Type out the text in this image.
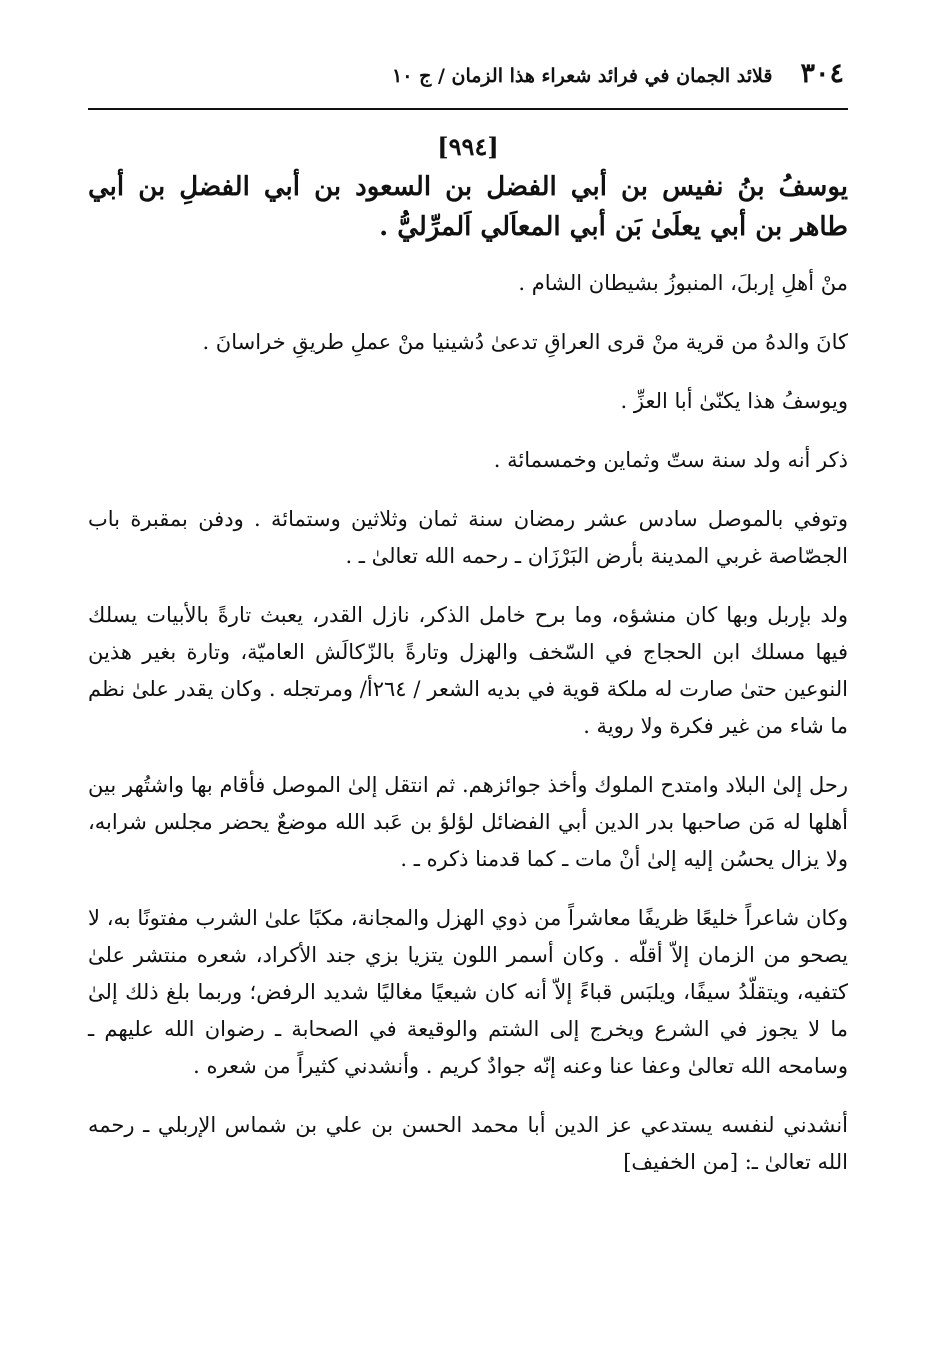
٣٠٤
قلائد الجمان في فرائد شعراء هذا الزمان / ج ١٠
[٩٩٤]
يوسفُ بنُ نفيس بن أبي الفضل بن السعود بن أبي الفضلِ بن أبي طاهر بن أبي يعلَىٰ بَن أبي المعاَلي اَلمرِّليُّ .

منْ أهلِ إربلَ، المنبوزُ بشيطان الشام .

كانَ والدهُ من قرية منْ قرى العراقِ تدعىٰ دُشينيا منْ عملِ طريقِ خراسانَ .

ويوسفُ هذا يكنّىٰ أبا العزِّ .

ذكر أنه ولد سنة ستّ وثماين وخمسمائة .

وتوفي بالموصل سادس عشر رمضان سنة ثمان وثلاثين وستمائة . ودفن بمقبرة باب الجصّاصة غربي المدينة بأرض البَرْزَان ـ رحمه الله تعالىٰ ـ .

ولد بإربل وبها كان منشؤه، وما برح خامل الذكر، نازل القدر، يعبث تارةً بالأبيات يسلك فيها مسلك ابن الحجاج في السّخف والهزل وتارةً بالزّكالَش العاميّة، وتارة بغير هذين النوعين حتىٰ صارت له ملكة قوية في بديه الشعر / ٢٦٤أ/ ومرتجله . وكان يقدر علىٰ نظم ما شاء من غير فكرة ولا روية .

رحل إلىٰ البلاد وامتدح الملوك وأخذ جوائزهم. ثم انتقل إلىٰ الموصل فأقام بها واشتُهر بين أهلها له مَن صاحبها بدر الدين أبي الفضائل لؤلؤ بن عَبد الله موضعٌ يحضر مجلس شرابه، ولا يزال يحسُن إليه إلىٰ أنْ مات ـ كما قدمنا ذكره ـ .

وكان شاعراً خليعًا ظريفًا معاشراً من ذوي الهزل والمجانة، مكبًا علىٰ الشرب مفتونًا به، لا يصحو من الزمان إلاّ أقلّه . وكان أسمر اللون يتزيا بزي جند الأكراد، شعره منتشر علىٰ كتفيه، ويتقلّدُ سيفًا، ويلبَس قباءً إلاّ أنه كان شيعيًا مغاليًا شديد الرفض؛ وربما بلغ ذلك إلىٰ ما لا يجوز في الشرع ويخرج إلى الشتم والوقيعة في الصحابة ـ رضوان الله عليهم ـ وسامحه الله تعالىٰ وعفا عنا وعنه إنّه جوادٌ كريم . وأنشدني كثيراً من شعره .

أنشدني لنفسه يستدعي عز الدين أبا محمد الحسن بن علي بن شماس الإربلي ـ رحمه الله تعالىٰ ـ: [من الخفيف]
